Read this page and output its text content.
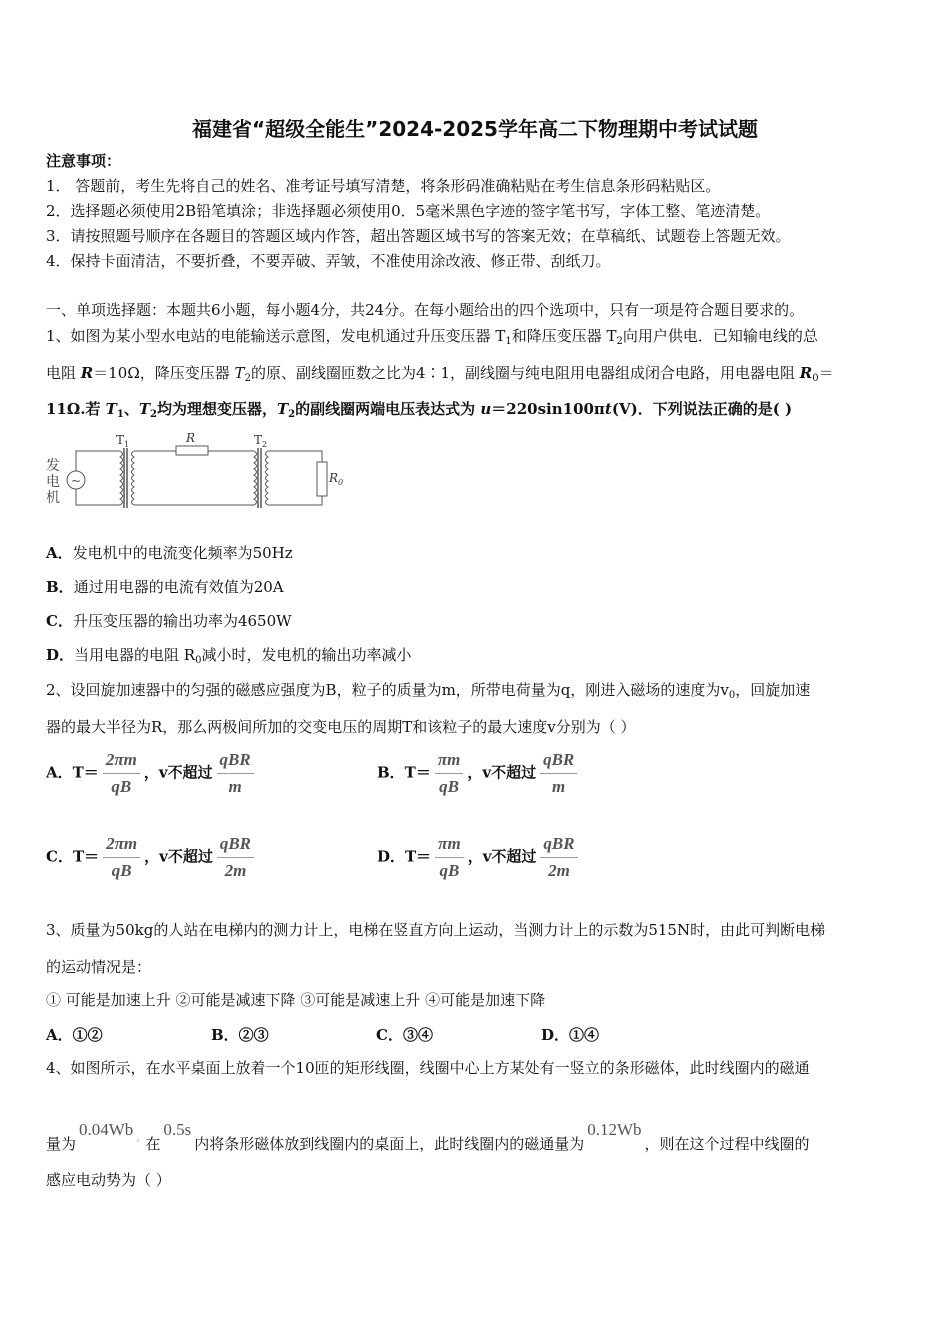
福建省“超级全能生”2024-2025学年高二下物理期中考试试题
注意事项：
1． 答题前，考生先将自己的姓名、准考证号填写清楚，将条形码准确粘贴在考生信息条形码粘贴区。
2．选择题必须使用2B铅笔填涂；非选择题必须使用0．5毫米黑色字迹的签字笔书写，字体工整、笔迹清楚。
3．请按照题号顺序在各题目的答题区域内作答，超出答题区域书写的答案无效；在草稿纸、试题卷上答题无效。
4．保持卡面清洁，不要折叠，不要弄破、弄皱，不准使用涂改液、修正带、刮纸刀。
一、单项选择题：本题共6小题，每小题4分，共24分。在每小题给出的四个选项中，只有一项是符合题目要求的。
1、如图为某小型水电站的电能输送示意图，发电机通过升压变压器 $T_1$和降压变压器 $T_2$向用户供电．已知输电线的总
电阻 R＝10Ω，降压变压器 $T_2$的原、副线圈匝数之比为4∶1，副线圈与纯电阻用电器组成闭合电路，用电器电阻 $R_0=$
11Ω.若 $T_1$、$T_2$均为理想变压器，$T_2$的副线圈两端电压表达式为 u＝220sin100πt(V)．下列说法正确的是( )
发
电
机
~
$T_1$	R	$T_2$
$R_0$
A．发电机中的电流变化频率为50Hz
B．通过用电器的电流有效值为20A
C．升压变压器的输出功率为4650W
D．当用电器的电阻 $R_0$减小时，发电机的输出功率减小
2、设回旋加速器中的匀强的磁感应强度为B，粒子的质量为m，所带电荷量为q，刚进入磁场的速度为$v_0$，回旋加速
器的最大半径为R，那么两极间所加的交变电压的周期T和该粒子的最大速度v分别为（ ）
A．$T= \frac{2\pi m}{qB}$ ，v不超过 $\frac{\text{qBR}}{m}$	B．$T= \frac{\pi m}{qB}$ ，v不超过 $\frac{\text{qBR}}{m}$
C．$T= \frac{2\pi m}{qB}$ ，v不超过 $\frac{\text{qBR}}{2m}$	D．$T= \frac{\pi m}{qB}$ ，v不超过 $\frac{\text{qBR}}{2m}$
3、质量为50kg的人站在电梯内的测力计上，电梯在竖直方向上运动，当测力计上的示数为515N时，由此可判断电梯
的运动情况是：
① 可能是加速上升 ②可能是减速下降 ③可能是减速上升 ④可能是加速下降
A．①②	B．②③	C．③④	D．①④
4、如图所示，在水平桌面上放着一个10匝的矩形线圈，线圈中心上方某处有一竖立的条形磁体，此时线圈内的磁通
量为0.04Wb 。在0.5s内将条形磁体放到线圈内的桌面上，此时线圈内的磁通量为0.12Wb，则在这个过程中线圈的
感应电动势为（ ）
